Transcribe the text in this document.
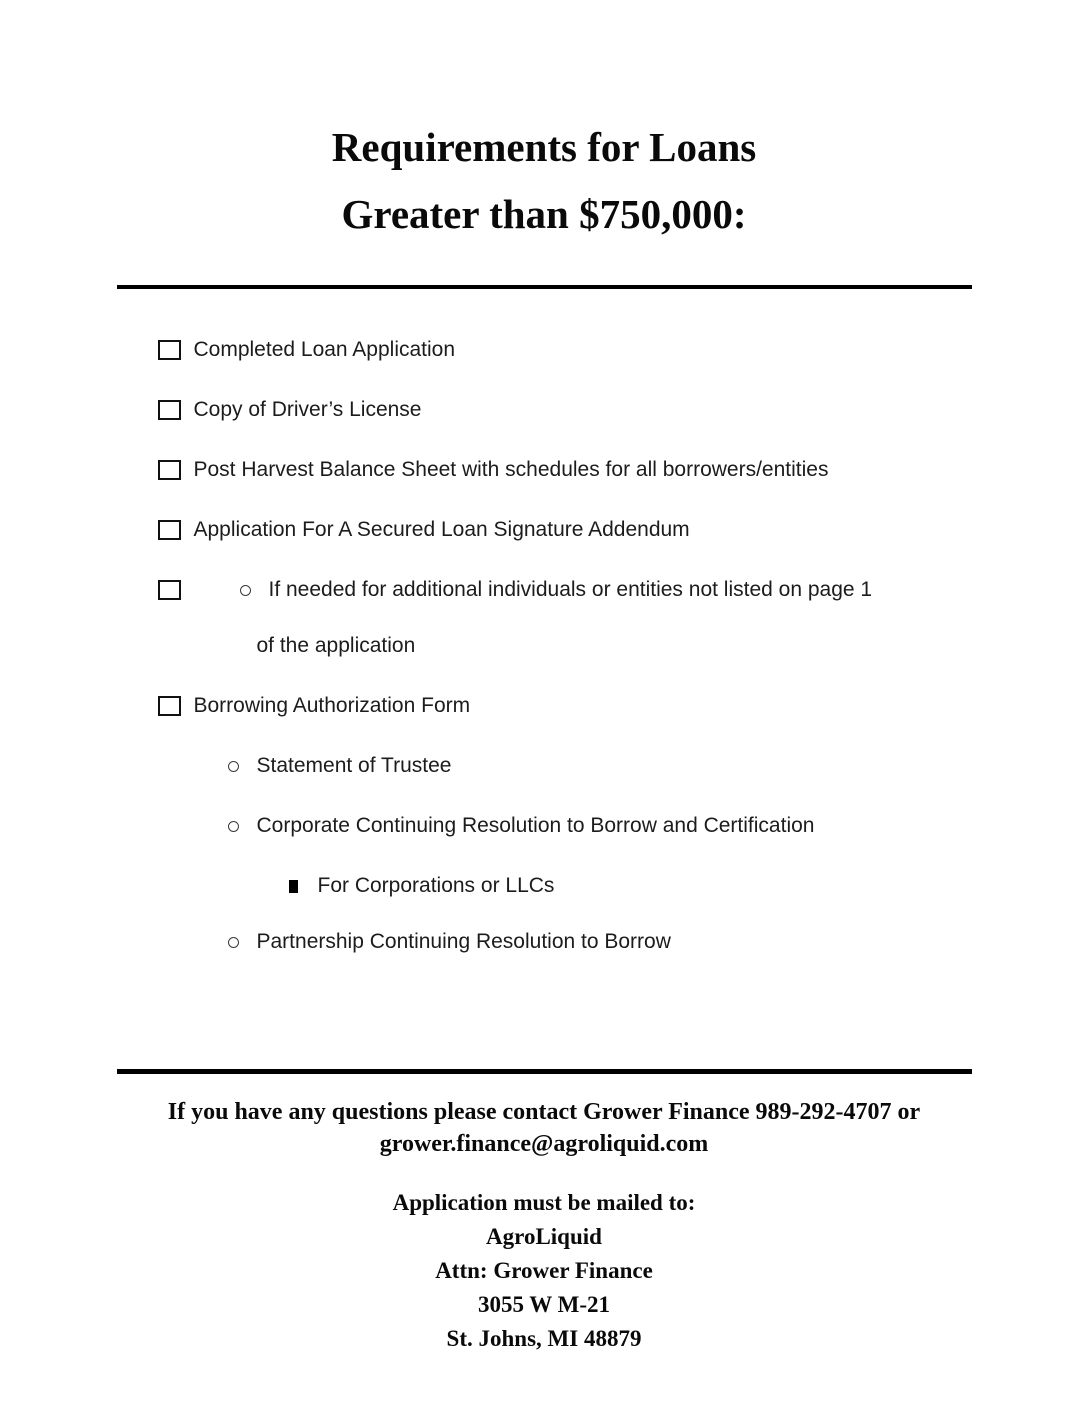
Requirements for Loans
Greater than $750,000:
Completed Loan Application
Copy of Driver’s License
Post Harvest Balance Sheet with schedules for all borrowers/entities
Application For A Secured Loan Signature Addendum
If needed for additional individuals or entities not listed on page 1
of the application
Borrowing Authorization Form
Statement of Trustee
Corporate Continuing Resolution to Borrow and Certification
For Corporations or LLCs
Partnership Continuing Resolution to Borrow
If you have any questions please contact Grower Finance 989-292-4707 or
grower.finance@agroliquid.com
Application must be mailed to:
AgroLiquid
Attn: Grower Finance
3055 W M-21
St. Johns, MI 48879
